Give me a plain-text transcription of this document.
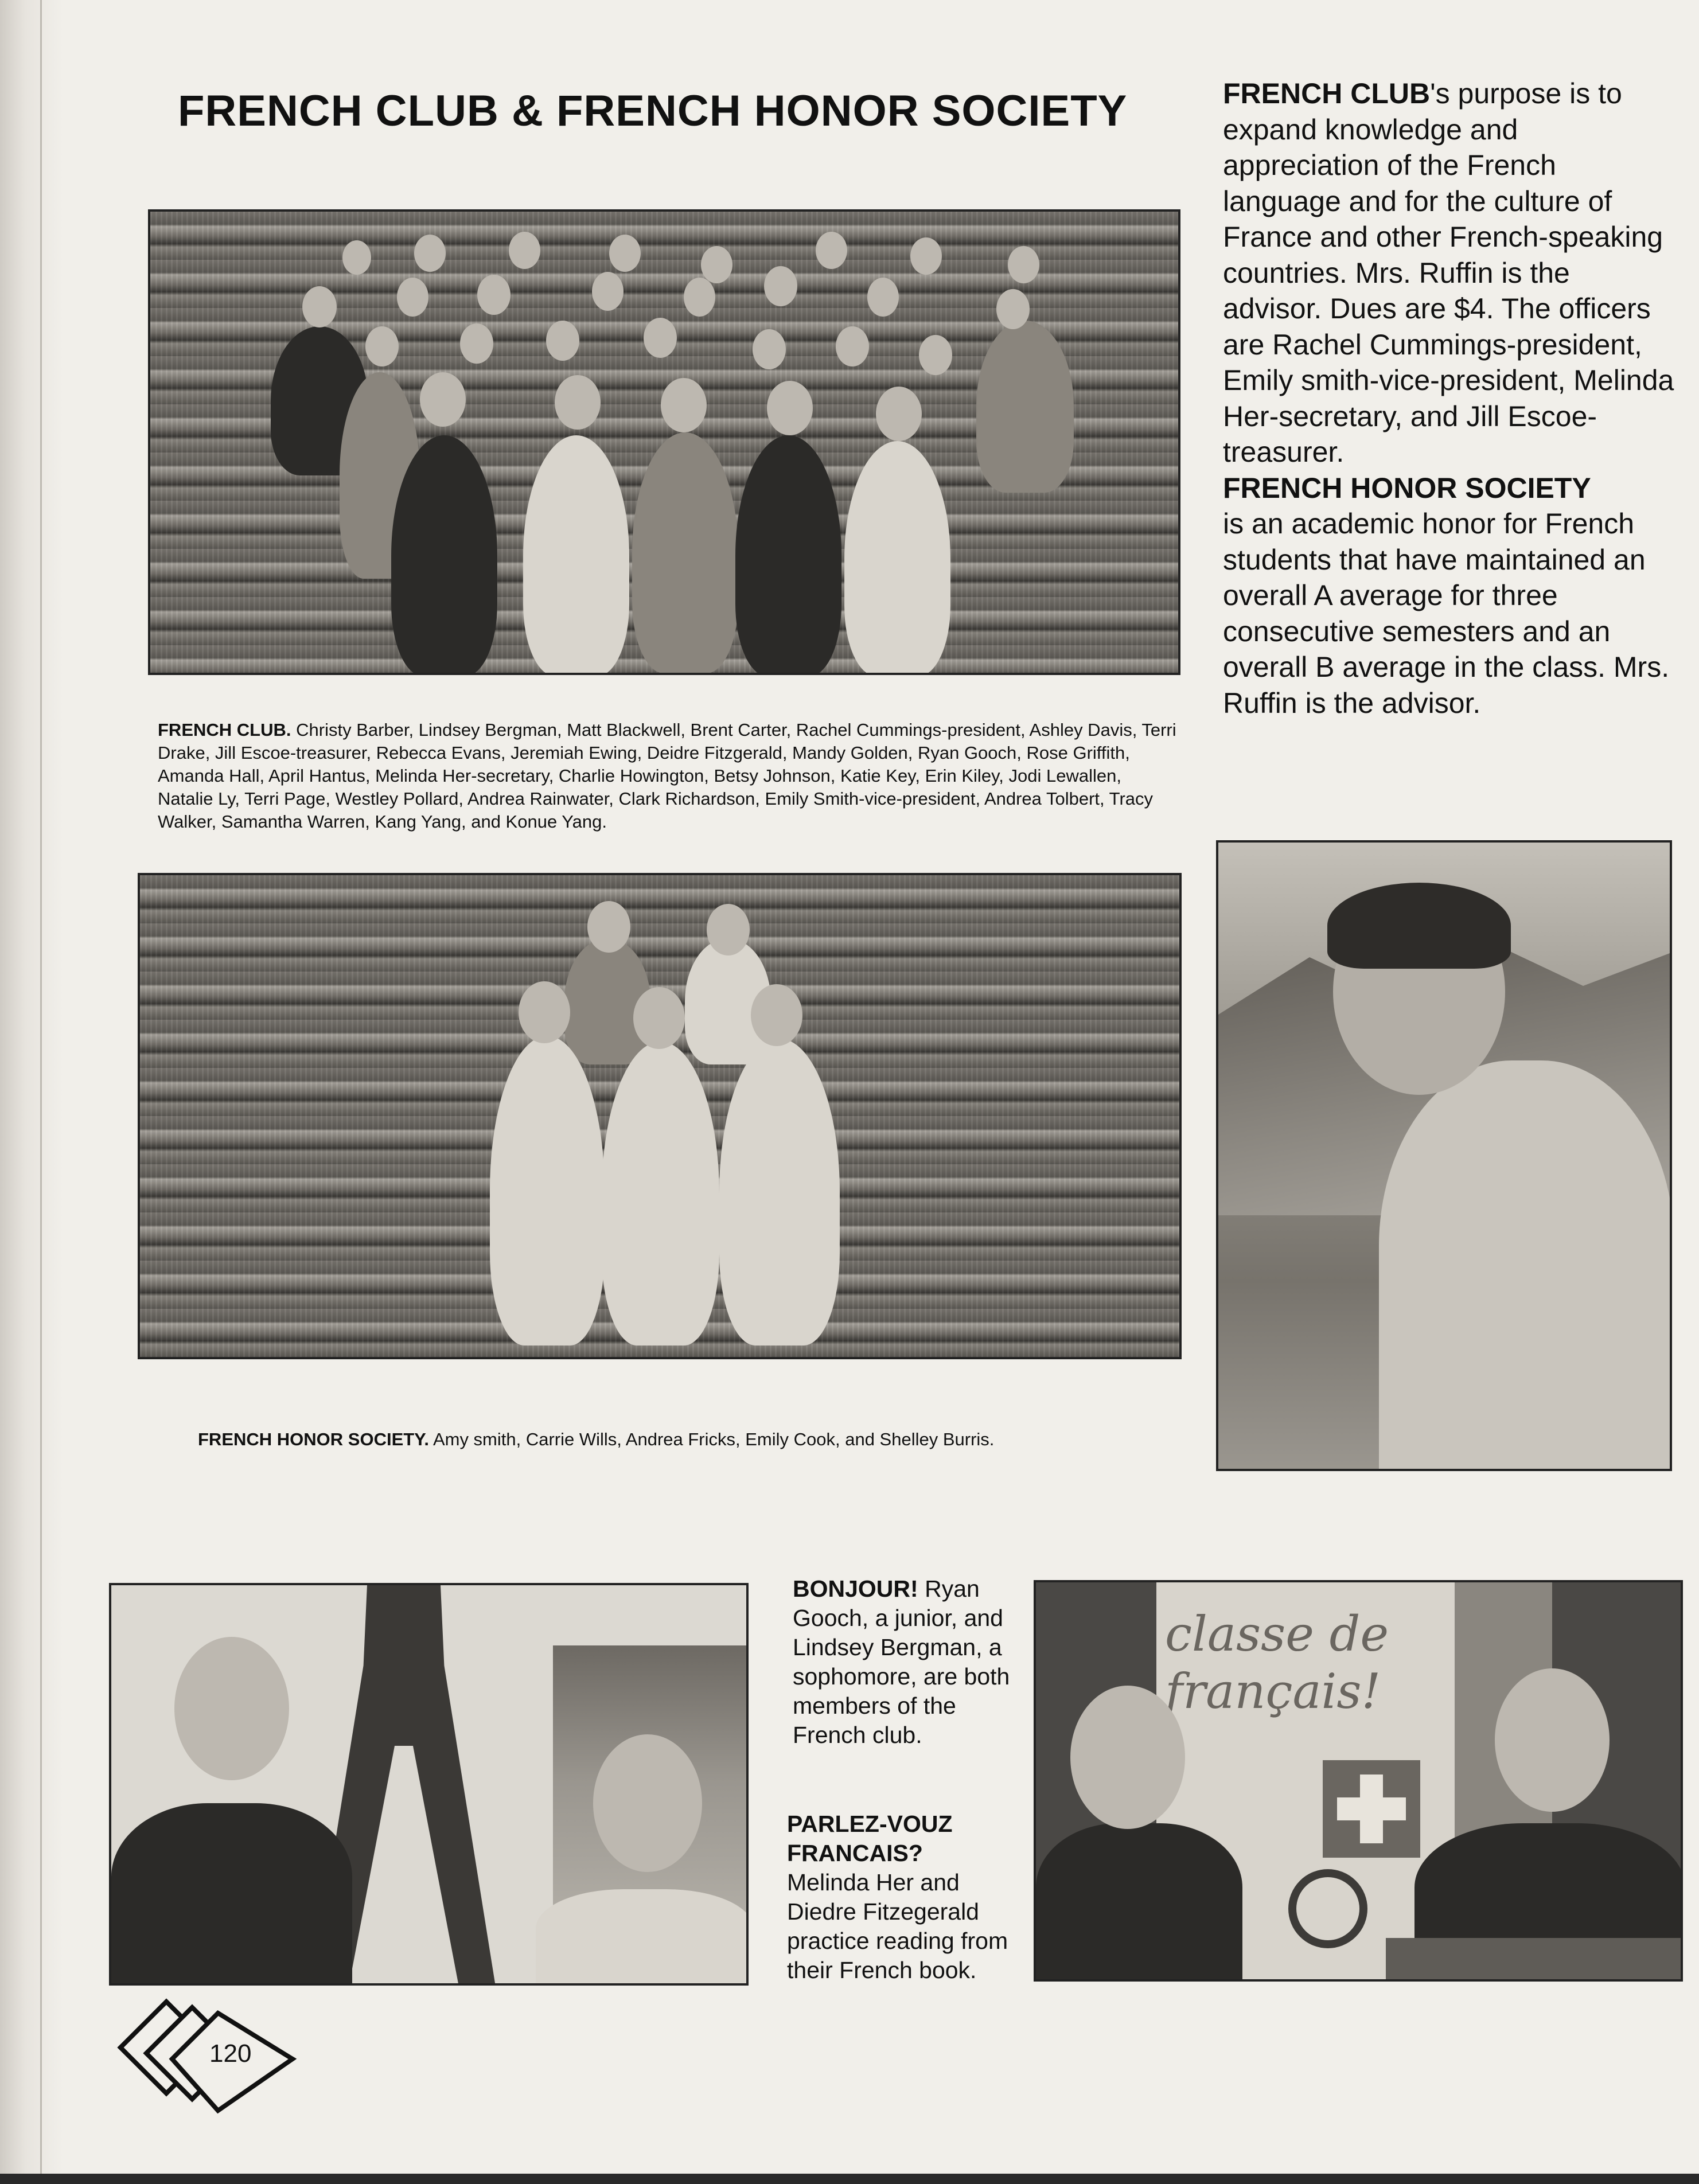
FRENCH CLUB & FRENCH HONOR SOCIETY
FRENCH CLUB. Christy Barber, Lindsey Bergman, Matt Blackwell, Brent Carter, Rachel Cummings-president, Ashley Davis, Terri Drake, Jill Escoe-treasurer, Rebecca Evans, Jeremiah Ewing, Deidre Fitzgerald, Mandy Golden, Ryan Gooch, Rose Griffith, Amanda Hall, April Hantus, Melinda Her-secretary, Charlie Howington, Betsy Johnson, Katie Key, Erin Kiley, Jodi Lewallen, Natalie Ly, Terri Page, Westley Pollard, Andrea Rainwater, Clark Richardson, Emily Smith-vice-president, Andrea Tolbert, Tracy Walker, Samantha Warren, Kang Yang, and Konue Yang.
FRENCH HONOR SOCIETY. Amy smith, Carrie Wills, Andrea Fricks, Emily Cook, and Shelley Burris.

FRENCH CLUB's purpose is to expand knowledge and appreciation of the French language and for the culture of France and other French-speaking countries. Mrs. Ruffin is the advisor. Dues are $4. The officers are Rachel Cummings-president, Emily smith-vice-president, Melinda Her-secretary, and Jill Escoe-treasurer.

FRENCH HONOR SOCIETY
is an academic honor for French students that have maintained an overall A average for three consecutive semesters and an overall B average in the class. Mrs. Ruffin is the advisor.

BONJOUR! Ryan Gooch, a junior, and Lindsey Bergman, a sophomore, are both members of the French club.
PARLEZ-VOUZ FRANCAIS?
Melinda Her and Diedre Fitzegerald practice reading from their French book.
classe de
français!
120
